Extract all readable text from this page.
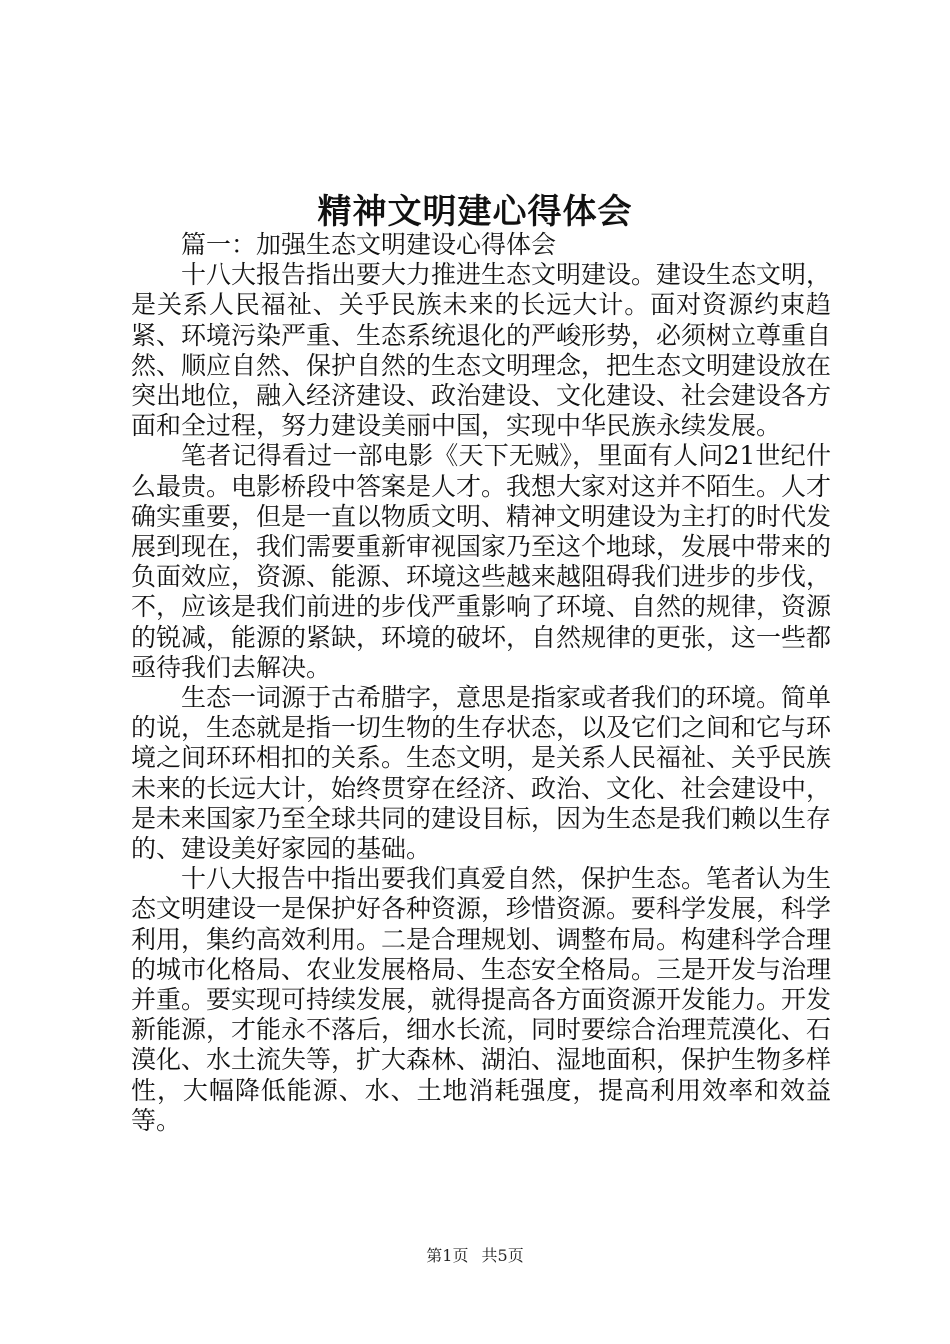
精神文明建心得体会

篇一：加强生态文明建设心得体会

十八大报告指出要大力推进生态文明建设。建设生态文明，是关系人民福祉、关乎民族未来的长远大计。面对资源约束趋紧、环境污染严重、生态系统退化的严峻形势，必须树立尊重自然、顺应自然、保护自然的生态文明理念，把生态文明建设放在突出地位，融入经济建设、政治建设、文化建设、社会建设各方面和全过程，努力建设美丽中国，实现中华民族永续发展。

笔者记得看过一部电影《天下无贼》，里面有人问21世纪什么最贵。电影桥段中答案是人才。我想大家对这并不陌生。人才确实重要，但是一直以物质文明、精神文明建设为主打的时代发展到现在，我们需要重新审视国家乃至这个地球，发展中带来的负面效应，资源、能源、环境这些越来越阻碍我们进步的步伐，不，应该是我们前进的步伐严重影响了环境、自然的规律，资源的锐减，能源的紧缺，环境的破坏，自然规律的更张，这一些都亟待我们去解决。

生态一词源于古希腊字，意思是指家或者我们的环境。简单的说，生态就是指一切生物的生存状态，以及它们之间和它与环境之间环环相扣的关系。生态文明，是关系人民福祉、关乎民族未来的长远大计，始终贯穿在经济、政治、文化、社会建设中，是未来国家乃至全球共同的建设目标，因为生态是我们赖以生存的、建设美好家园的基础。

十八大报告中指出要我们真爱自然，保护生态。笔者认为生态文明建设一是保护好各种资源，珍惜资源。要科学发展，科学利用，集约高效利用。二是合理规划、调整布局。构建科学合理的城市化格局、农业发展格局、生态安全格局。三是开发与治理并重。要实现可持续发展，就得提高各方面资源开发能力。开发新能源，才能永不落后，细水长流，同时要综合治理荒漠化、石漠化、水土流失等，扩大森林、湖泊、湿地面积，保护生物多样性，大幅降低能源、水、土地消耗强度，提高利用效率和效益等。

第1页 共5页
